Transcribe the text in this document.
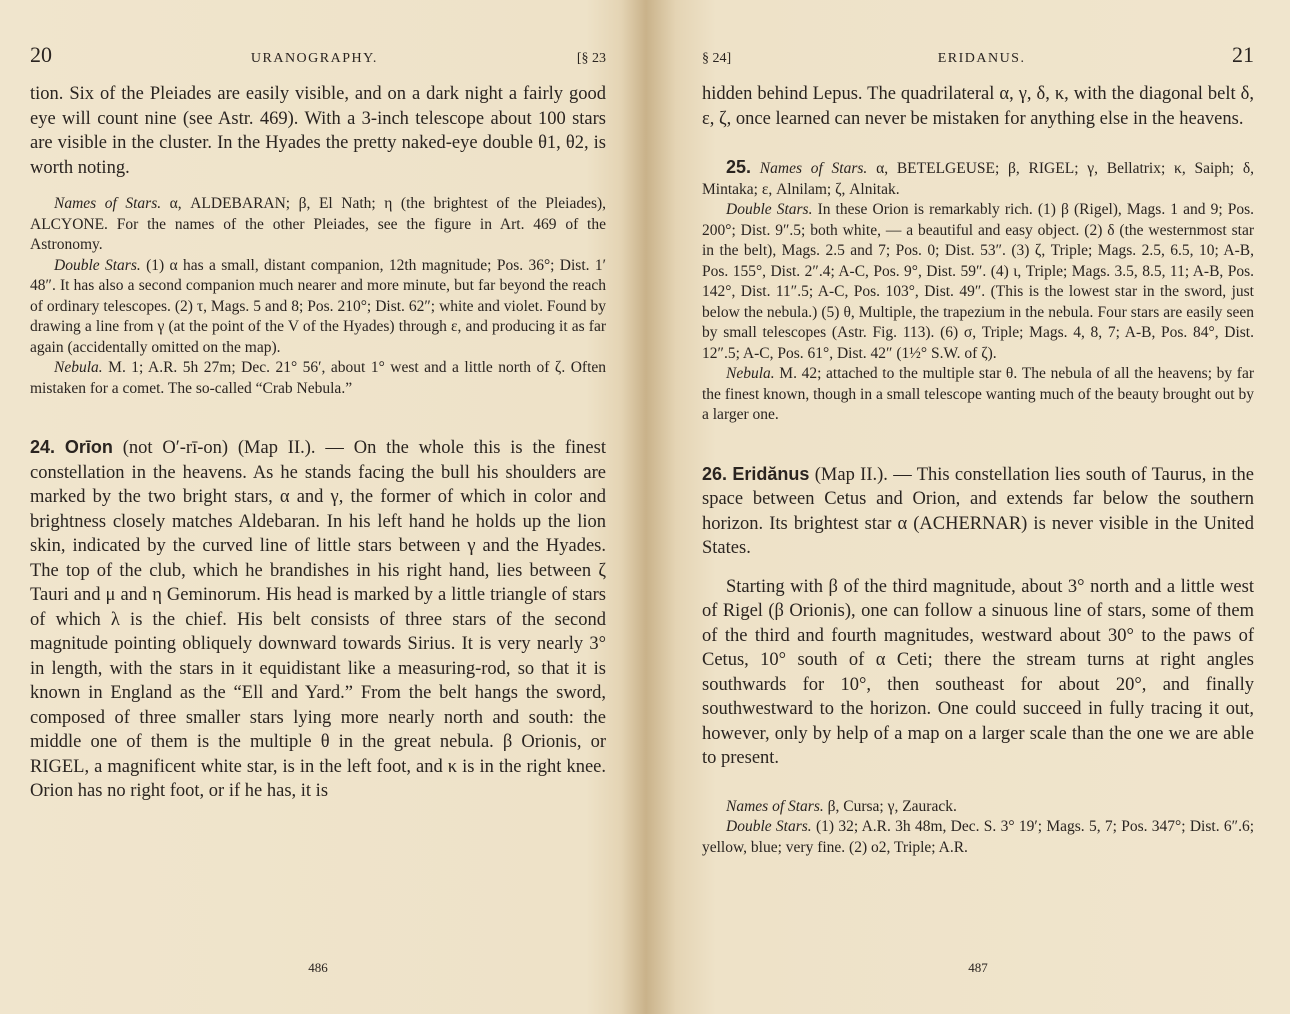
20	URANOGRAPHY.	[§ 23

tion. Six of the Pleiades are easily visible, and on a dark night a fairly good eye will count nine (see Astr. 469). With a 3-inch telescope about 100 stars are visible in the cluster. In the Hyades the pretty naked-eye double θ1, θ2, is worth noting.

Names of Stars. α, ALDEBARAN; β, El Nath; η (the brightest of the Pleiades), ALCYONE. For the names of the other Pleiades, see the figure in Art. 469 of the Astronomy.

Double Stars. (1) α has a small, distant companion, 12th magnitude; Pos. 36°; Dist. 1′ 48″. It has also a second companion much nearer and more minute, but far beyond the reach of ordinary telescopes. (2) τ, Mags. 5 and 8; Pos. 210°; Dist. 62″; white and violet. Found by drawing a line from γ (at the point of the V of the Hyades) through ε, and producing it as far again (accidentally omitted on the map).

Nebula. M. 1; A.R. 5h 27m; Dec. 21° 56′, about 1° west and a little north of ζ. Often mistaken for a comet. The so-called “Crab Nebula.”

24. Orīon (not O′-rī-on) (Map II.). — On the whole this is the finest constellation in the heavens. As he stands facing the bull his shoulders are marked by the two bright stars, α and γ, the former of which in color and brightness closely matches Aldebaran. In his left hand he holds up the lion skin, indicated by the curved line of little stars between γ and the Hyades. The top of the club, which he brandishes in his right hand, lies between ζ Tauri and μ and η Geminorum. His head is marked by a little triangle of stars of which λ is the chief. His belt consists of three stars of the second magnitude pointing obliquely downward towards Sirius. It is very nearly 3° in length, with the stars in it equidistant like a measuring-rod, so that it is known in England as the “Ell and Yard.” From the belt hangs the sword, composed of three smaller stars lying more nearly north and south: the middle one of them is the multiple θ in the great nebula. β Orionis, or RIGEL, a magnificent white star, is in the left foot, and κ is in the right knee. Orion has no right foot, or if he has, it is

486
§ 24]	ERIDANUS.	21

hidden behind Lepus. The quadrilateral α, γ, δ, κ, with the diagonal belt δ, ε, ζ, once learned can never be mistaken for anything else in the heavens.

25. Names of Stars. α, BETELGEUSE; β, RIGEL; γ, Bellatrix; κ, Saiph; δ, Mintaka; ε, Alnilam; ζ, Alnitak.

Double Stars. In these Orion is remarkably rich. (1) β (Rigel), Mags. 1 and 9; Pos. 200°; Dist. 9″.5; both white, — a beautiful and easy object. (2) δ (the westernmost star in the belt), Mags. 2.5 and 7; Pos. 0; Dist. 53″. (3) ζ, Triple; Mags. 2.5, 6.5, 10; A-B, Pos. 155°, Dist. 2″.4; A-C, Pos. 9°, Dist. 59″. (4) ι, Triple; Mags. 3.5, 8.5, 11; A-B, Pos. 142°, Dist. 11″.5; A-C, Pos. 103°, Dist. 49″. (This is the lowest star in the sword, just below the nebula.) (5) θ, Multiple, the trapezium in the nebula. Four stars are easily seen by small telescopes (Astr. Fig. 113). (6) σ, Triple; Mags. 4, 8, 7; A-B, Pos. 84°, Dist. 12″.5; A-C, Pos. 61°, Dist. 42″ (1½° S.W. of ζ).

Nebula. M. 42; attached to the multiple star θ. The nebula of all the heavens; by far the finest known, though in a small telescope wanting much of the beauty brought out by a larger one.

26. Eridănus (Map II.). — This constellation lies south of Taurus, in the space between Cetus and Orion, and extends far below the southern horizon. Its brightest star α (ACHERNAR) is never visible in the United States.

Starting with β of the third magnitude, about 3° north and a little west of Rigel (β Orionis), one can follow a sinuous line of stars, some of them of the third and fourth magnitudes, westward about 30° to the paws of Cetus, 10° south of α Ceti; there the stream turns at right angles southwards for 10°, then southeast for about 20°, and finally southwestward to the horizon. One could succeed in fully tracing it out, however, only by help of a map on a larger scale than the one we are able to present.

Names of Stars. β, Cursa; γ, Zaurack.

Double Stars. (1) 32; A.R. 3h 48m, Dec. S. 3° 19′; Mags. 5, 7; Pos. 347°; Dist. 6″.6; yellow, blue; very fine. (2) o2, Triple; A.R.

487
